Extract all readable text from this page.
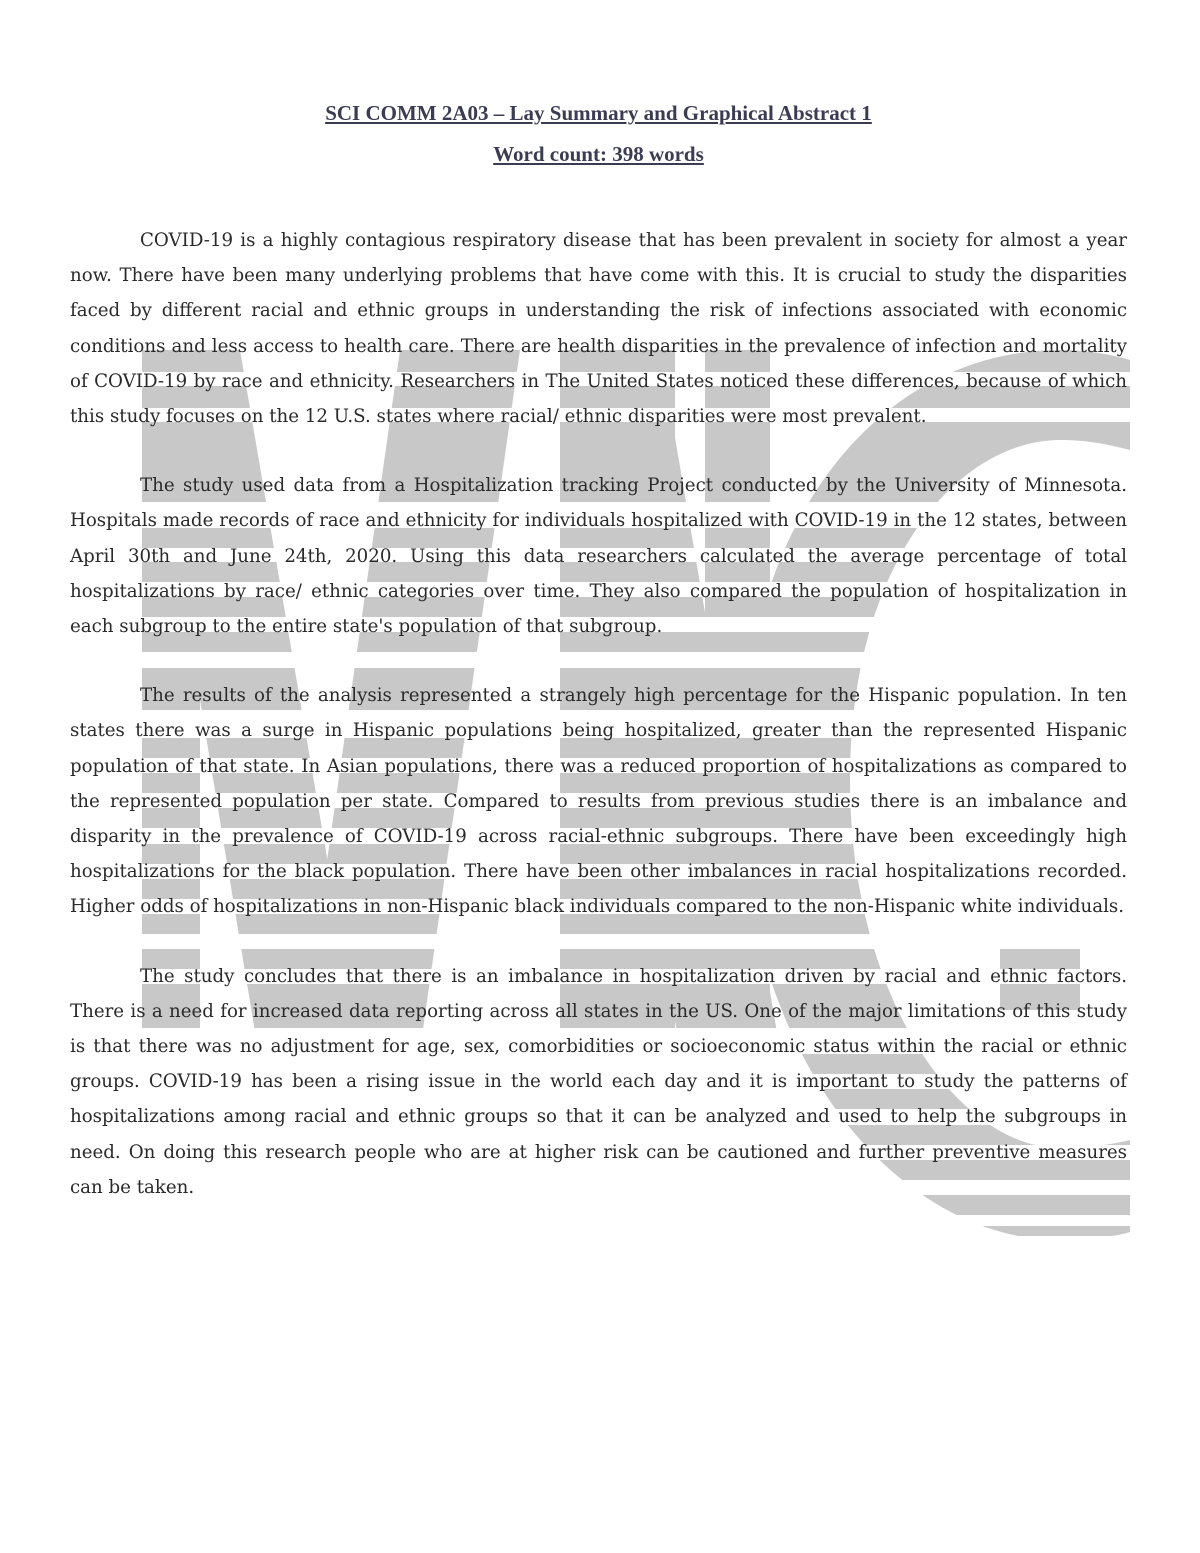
SCI COMM 2A03 – Lay Summary and Graphical Abstract 1

Word count: 398 words

COVID-19 is a highly contagious respiratory disease that has been prevalent in society for almost a year now. There have been many underlying problems that have come with this. It is crucial to study the disparities faced by different racial and ethnic groups in understanding the risk of infections associated with economic conditions and less access to health care. There are health disparities in the prevalence of infection and mortality of COVID-19 by race and ethnicity. Researchers in The United States noticed these differences, because of which this study focuses on the 12 U.S. states where racial/ ethnic disparities were most prevalent.

The study used data from a Hospitalization tracking Project conducted by the University of Minnesota. Hospitals made records of race and ethnicity for individuals hospitalized with COVID-19 in the 12 states, between April 30th and June 24th, 2020. Using this data researchers calculated the average percentage of total hospitalizations by race/ ethnic categories over time. They also compared the population of hospitalization in each subgroup to the entire state's population of that subgroup.

The results of the analysis represented a strangely high percentage for the Hispanic population. In ten states there was a surge in Hispanic populations being hospitalized, greater than the represented Hispanic population of that state. In Asian populations, there was a reduced proportion of hospitalizations as compared to the represented population per state. Compared to results from previous studies there is an imbalance and disparity in the prevalence of COVID-19 across racial-ethnic subgroups. There have been exceedingly high hospitalizations for the black population. There have been other imbalances in racial hospitalizations recorded. Higher odds of hospitalizations in non-Hispanic black individuals compared to the non-Hispanic white individuals.

The study concludes that there is an imbalance in hospitalization driven by racial and ethnic factors. There is a need for increased data reporting across all states in the US. One of the major limitations of this study is that there was no adjustment for age, sex, comorbidities or socioeconomic status within the racial or ethnic groups. COVID-19 has been a rising issue in the world each day and it is important to study the patterns of hospitalizations among racial and ethnic groups so that it can be analyzed and used to help the subgroups in need. On doing this research people who are at higher risk can be cautioned and further preventive measures can be taken.
